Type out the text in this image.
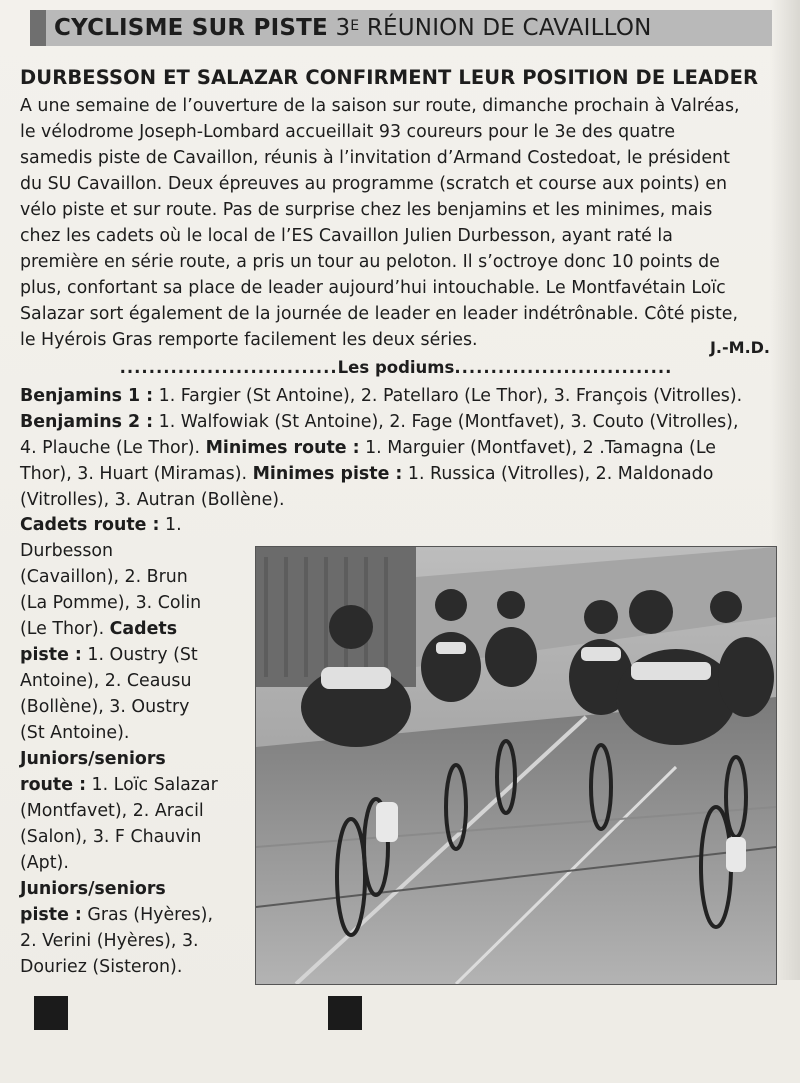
CYCLISME SUR PISTE $3^E$ RÉUNION DE CAVAILLON
DURBESSON ET SALAZAR CONFIRMENT LEUR POSITION DE LEADER
A une semaine de l’ouverture de la saison sur route, dimanche prochain à Valréas,
le vélodrome Joseph-Lombard accueillait 93 coureurs pour le 3e des quatre
samedis piste de Cavaillon, réunis à l’invitation d’Armand Costedoat, le président
du SU Cavaillon. Deux épreuves au programme (scratch et course aux points) en
vélo piste et sur route. Pas de surprise chez les benjamins et les minimes, mais
chez les cadets où le local de l’ES Cavaillon Julien Durbesson, ayant raté la
première en série route, a pris un tour au peloton. Il s’octroye donc 10 points de
plus, confortant sa place de leader aujourd’hui intouchable. Le Montfavétain Loïc
Salazar sort également de la journée de leader en leader indétrônable. Côté piste,
le Hyérois Gras remporte facilement les deux séries.	J.-M.D.
..............................Les podiums..............................
Benjamins 1 : 1. Fargier (St Antoine), 2. Patellaro (Le Thor), 3. François (Vitrolles).
Benjamins 2 : 1. Walfowiak (St Antoine), 2. Fage (Montfavet), 3. Couto (Vitrolles),
4. Plauche (Le Thor). Minimes route : 1. Marguier (Montfavet), 2 .Tamagna (Le
Thor), 3. Huart (Miramas). Minimes piste : 1. Russica (Vitrolles), 2. Maldonado
(Vitrolles), 3. Autran (Bollène).
Cadets route : 1.
Durbesson
(Cavaillon), 2. Brun
(La Pomme), 3. Colin
(Le Thor). Cadets
piste : 1. Oustry (St
Antoine), 2. Ceausu
(Bollène), 3. Oustry
(St Antoine).
Juniors/seniors
route : 1. Loïc Salazar
(Montfavet), 2. Aracil
(Salon), 3. F Chauvin
(Apt).
Juniors/seniors
piste : Gras (Hyères),
2. Verini (Hyères), 3.
Douriez (Sisteron).
